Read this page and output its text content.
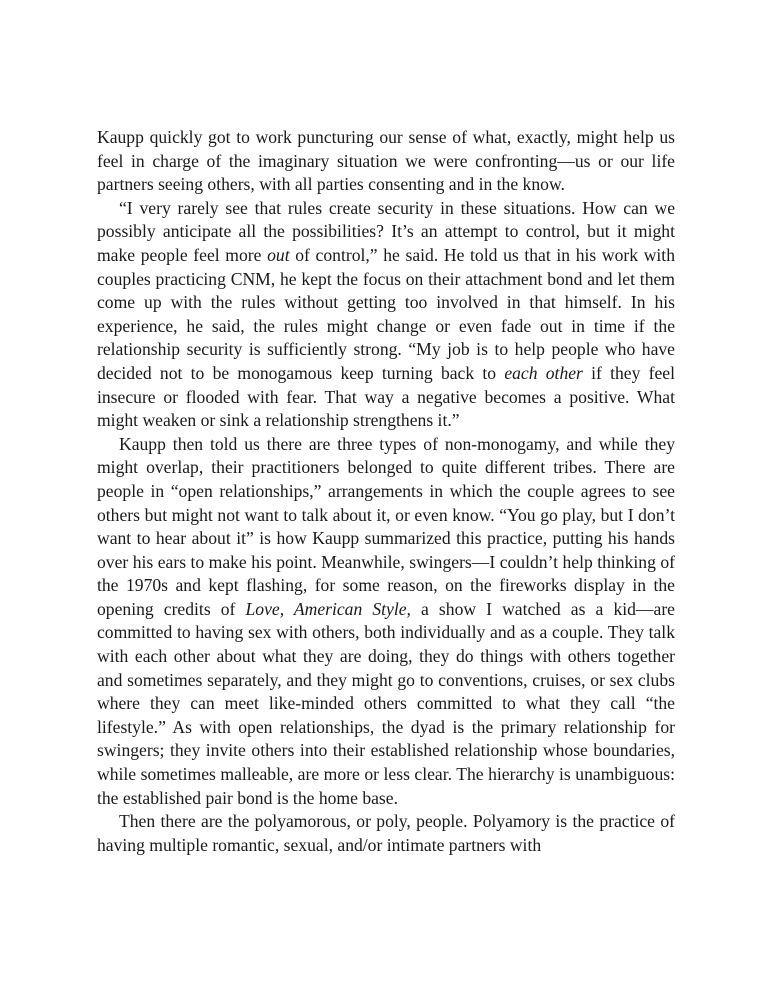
Kaupp quickly got to work puncturing our sense of what, exactly, might help us feel in charge of the imaginary situation we were confronting—us or our life partners seeing others, with all parties consenting and in the know.

“I very rarely see that rules create security in these situations. How can we possibly anticipate all the possibilities? It’s an attempt to control, but it might make people feel more out of control,” he said. He told us that in his work with couples practicing CNM, he kept the focus on their attachment bond and let them come up with the rules without getting too involved in that himself. In his experience, he said, the rules might change or even fade out in time if the relationship security is sufficiently strong. “My job is to help people who have decided not to be monogamous keep turning back to each other if they feel insecure or flooded with fear. That way a negative becomes a positive. What might weaken or sink a relationship strengthens it.”

Kaupp then told us there are three types of non-monogamy, and while they might overlap, their practitioners belonged to quite different tribes. There are people in “open relationships,” arrangements in which the couple agrees to see others but might not want to talk about it, or even know. “You go play, but I don’t want to hear about it” is how Kaupp summarized this practice, putting his hands over his ears to make his point. Meanwhile, swingers—I couldn’t help thinking of the 1970s and kept flashing, for some reason, on the fireworks display in the opening credits of Love, American Style, a show I watched as a kid—are committed to having sex with others, both individually and as a couple. They talk with each other about what they are doing, they do things with others together and sometimes separately, and they might go to conventions, cruises, or sex clubs where they can meet like-minded others committed to what they call “the lifestyle.” As with open relationships, the dyad is the primary relationship for swingers; they invite others into their established relationship whose boundaries, while sometimes malleable, are more or less clear. The hierarchy is unambiguous: the established pair bond is the home base.

Then there are the polyamorous, or poly, people. Polyamory is the practice of having multiple romantic, sexual, and/or intimate partners with
